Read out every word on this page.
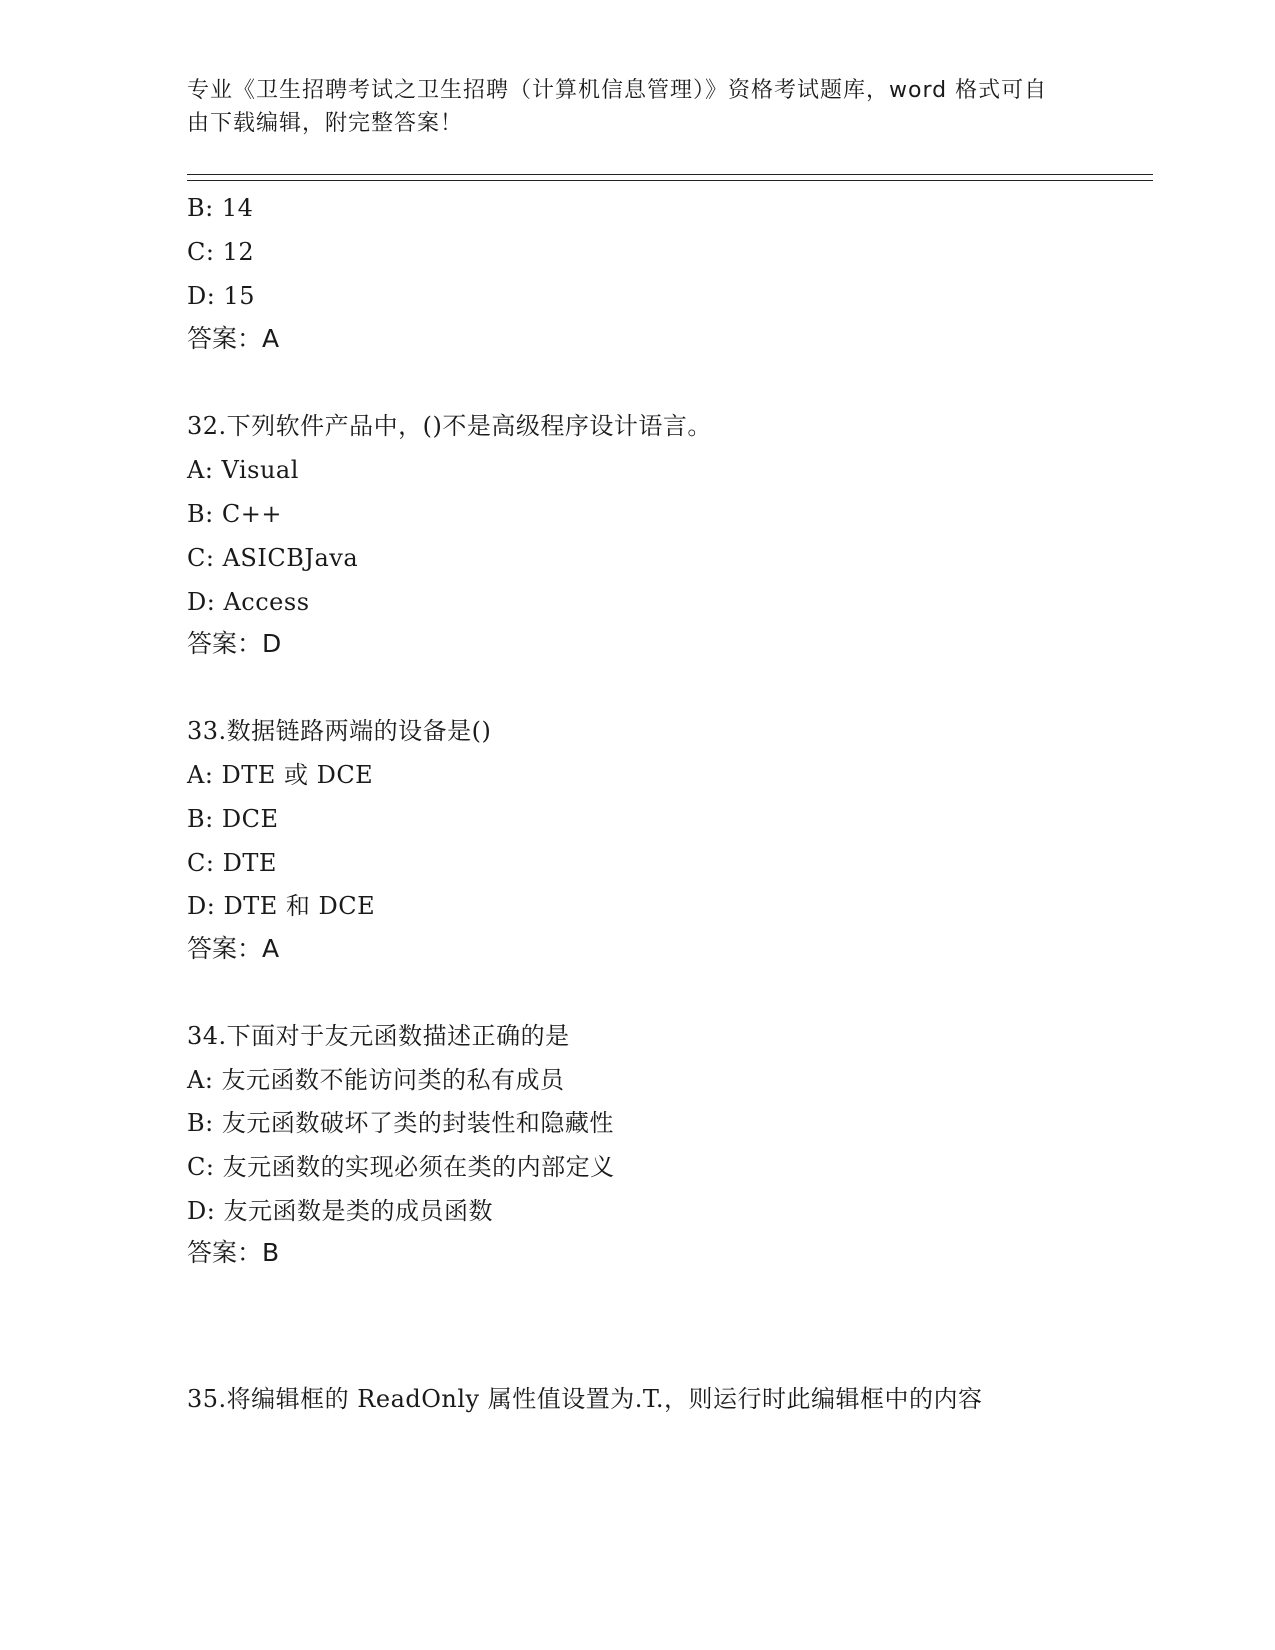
专业《卫生招聘考试之卫生招聘（计算机信息管理）》资格考试题库，word 格式可自由下载编辑，附完整答案！
B: 14
C: 12
D: 15
答案：A
32.下列软件产品中，()不是高级程序设计语言。
A: Visual
B: C++
C: ASICBJava
D: Access
答案：D
33.数据链路两端的设备是()
A: DTE 或 DCE
B: DCE
C: DTE
D: DTE 和 DCE
答案：A
34.下面对于友元函数描述正确的是
A: 友元函数不能访问类的私有成员
B: 友元函数破坏了类的封装性和隐藏性
C: 友元函数的实现必须在类的内部定义
D: 友元函数是类的成员函数
答案：B
35.将编辑框的 ReadOnly 属性值设置为.T.，则运行时此编辑框中的内容
